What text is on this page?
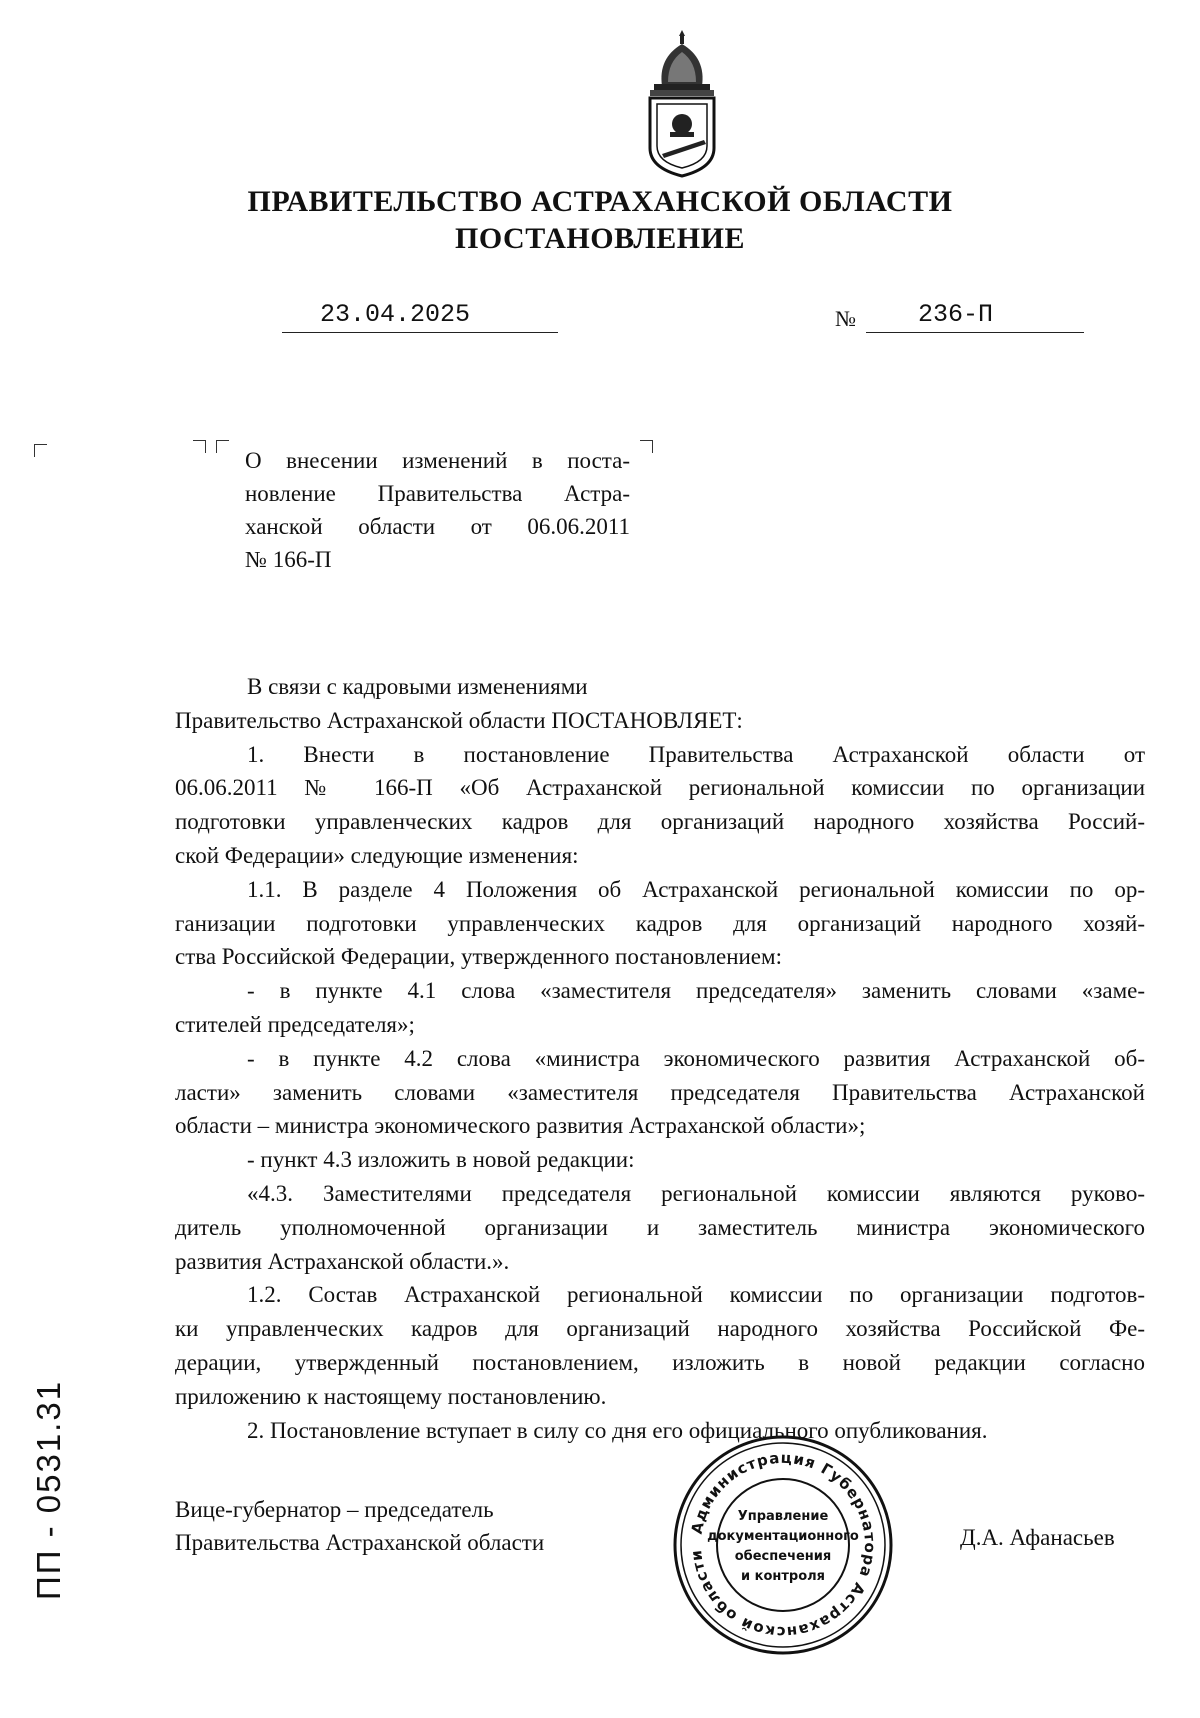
ПРАВИТЕЛЬСТВО АСТРАХАНСКОЙ ОБЛАСТИ
ПОСТАНОВЛЕНИЕ
23.04.2025	№ 236-П
О внесении изменений в поста-
новление Правительства Астра-
ханской области от 06.06.2011
№ 166-П
В связи с кадровыми изменениями
Правительство Астраханской области ПОСТАНОВЛЯЕТ:
1. Внести в постановление Правительства Астраханской области от
06.06.2011 № 166-П «Об Астраханской региональной комиссии по организации
подготовки управленческих кадров для организаций народного хозяйства Россий-
ской Федерации» следующие изменения:
1.1. В разделе 4 Положения об Астраханской региональной комиссии по ор-
ганизации подготовки управленческих кадров для организаций народного хозяй-
ства Российской Федерации, утвержденного постановлением:
- в пункте 4.1 слова «заместителя председателя» заменить словами «заме-
стителей председателя»;
- в пункте 4.2 слова «министра экономического развития Астраханской об-
ласти» заменить словами «заместителя председателя Правительства Астраханской
области – министра экономического развития Астраханской области»;
- пункт 4.3 изложить в новой редакции:
«4.3. Заместителями председателя региональной комиссии являются руково-
дитель уполномоченной организации и заместитель министра экономического
развития Астраханской области.».
1.2. Состав Астраханской региональной комиссии по организации подготов-
ки управленческих кадров для организаций народного хозяйства Российской Фе-
дерации, утвержденный постановлением, изложить в новой редакции согласно
приложению к настоящему постановлению.
2. Постановление вступает в силу со дня его официального опубликования.
Вице-губернатор – председатель
Правительства Астраханской области
Администрация Губернатора Астраханской области
Управление
документационного
обеспечения
и контроля
Д.А. Афанасьев
ПП - 0531.31
